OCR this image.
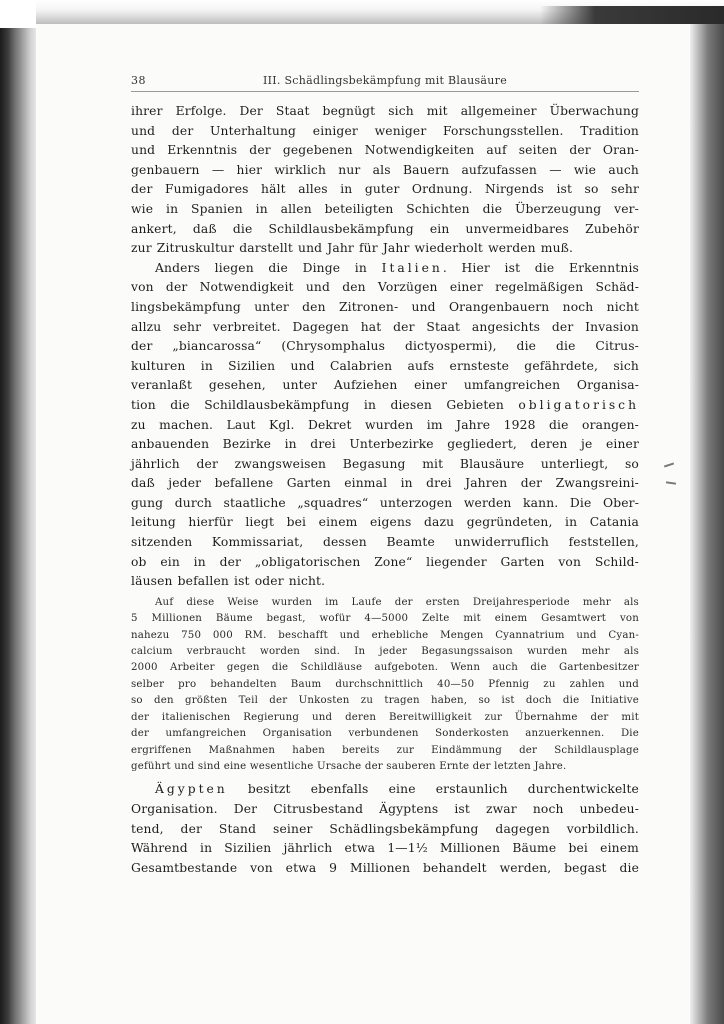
38	III. Schädlingsbekämpfung mit Blausäure
ihrer Erfolge. Der Staat begnügt sich mit allgemeiner Überwachung
und der Unterhaltung einiger weniger Forschungsstellen. Tradition
und Erkenntnis der gegebenen Notwendigkeiten auf seiten der Oran-
genbauern — hier wirklich nur als Bauern aufzufassen — wie auch
der Fumigadores hält alles in guter Ordnung. Nirgends ist so sehr
wie in Spanien in allen beteiligten Schichten die Überzeugung ver-
ankert, daß die Schildlausbekämpfung ein unvermeidbares Zubehör
zur Zitruskultur darstellt und Jahr für Jahr wiederholt werden muß.
Anders liegen die Dinge in Italien. Hier ist die Erkenntnis
von der Notwendigkeit und den Vorzügen einer regelmäßigen Schäd-
lingsbekämpfung unter den Zitronen- und Orangenbauern noch nicht
allzu sehr verbreitet. Dagegen hat der Staat angesichts der Invasion
der „biancarossa“ (Chrysomphalus dictyospermi), die die Citrus-
kulturen in Sizilien und Calabrien aufs ernsteste gefährdete, sich
veranlaßt gesehen, unter Aufziehen einer umfangreichen Organisa-
tion die Schildlausbekämpfung in diesen Gebieten obligatorisch
zu machen. Laut Kgl. Dekret wurden im Jahre 1928 die orangen-
anbauenden Bezirke in drei Unterbezirke gegliedert, deren je einer
jährlich der zwangsweisen Begasung mit Blausäure unterliegt, so
daß jeder befallene Garten einmal in drei Jahren der Zwangsreini-
gung durch staatliche „squadres“ unterzogen werden kann. Die Ober-
leitung hierfür liegt bei einem eigens dazu gegründeten, in Catania
sitzenden Kommissariat, dessen Beamte unwiderruflich feststellen,
ob ein in der „obligatorischen Zone“ liegender Garten von Schild-
läusen befallen ist oder nicht.
Auf diese Weise wurden im Laufe der ersten Dreijahresperiode mehr als
5 Millionen Bäume begast, wofür 4—5000 Zelte mit einem Gesamtwert von
nahezu 750 000 RM. beschafft und erhebliche Mengen Cyannatrium und Cyan-
calcium verbraucht worden sind. In jeder Begasungssaison wurden mehr als
2000 Arbeiter gegen die Schildläuse aufgeboten. Wenn auch die Gartenbesitzer
selber pro behandelten Baum durchschnittlich 40—50 Pfennig zu zahlen und
so den größten Teil der Unkosten zu tragen haben, so ist doch die Initiative
der italienischen Regierung und deren Bereitwilligkeit zur Übernahme der mit
der umfangreichen Organisation verbundenen Sonderkosten anzuerkennen. Die
ergriffenen Maßnahmen haben bereits zur Eindämmung der Schildlausplage
geführt und sind eine wesentliche Ursache der sauberen Ernte der letzten Jahre.
Ägypten besitzt ebenfalls eine erstaunlich durchentwickelte
Organisation. Der Citrusbestand Ägyptens ist zwar noch unbedeu-
tend, der Stand seiner Schädlingsbekämpfung dagegen vorbildlich.
Während in Sizilien jährlich etwa 1—1½ Millionen Bäume bei einem
Gesamtbestande von etwa 9 Millionen behandelt werden, begast die
